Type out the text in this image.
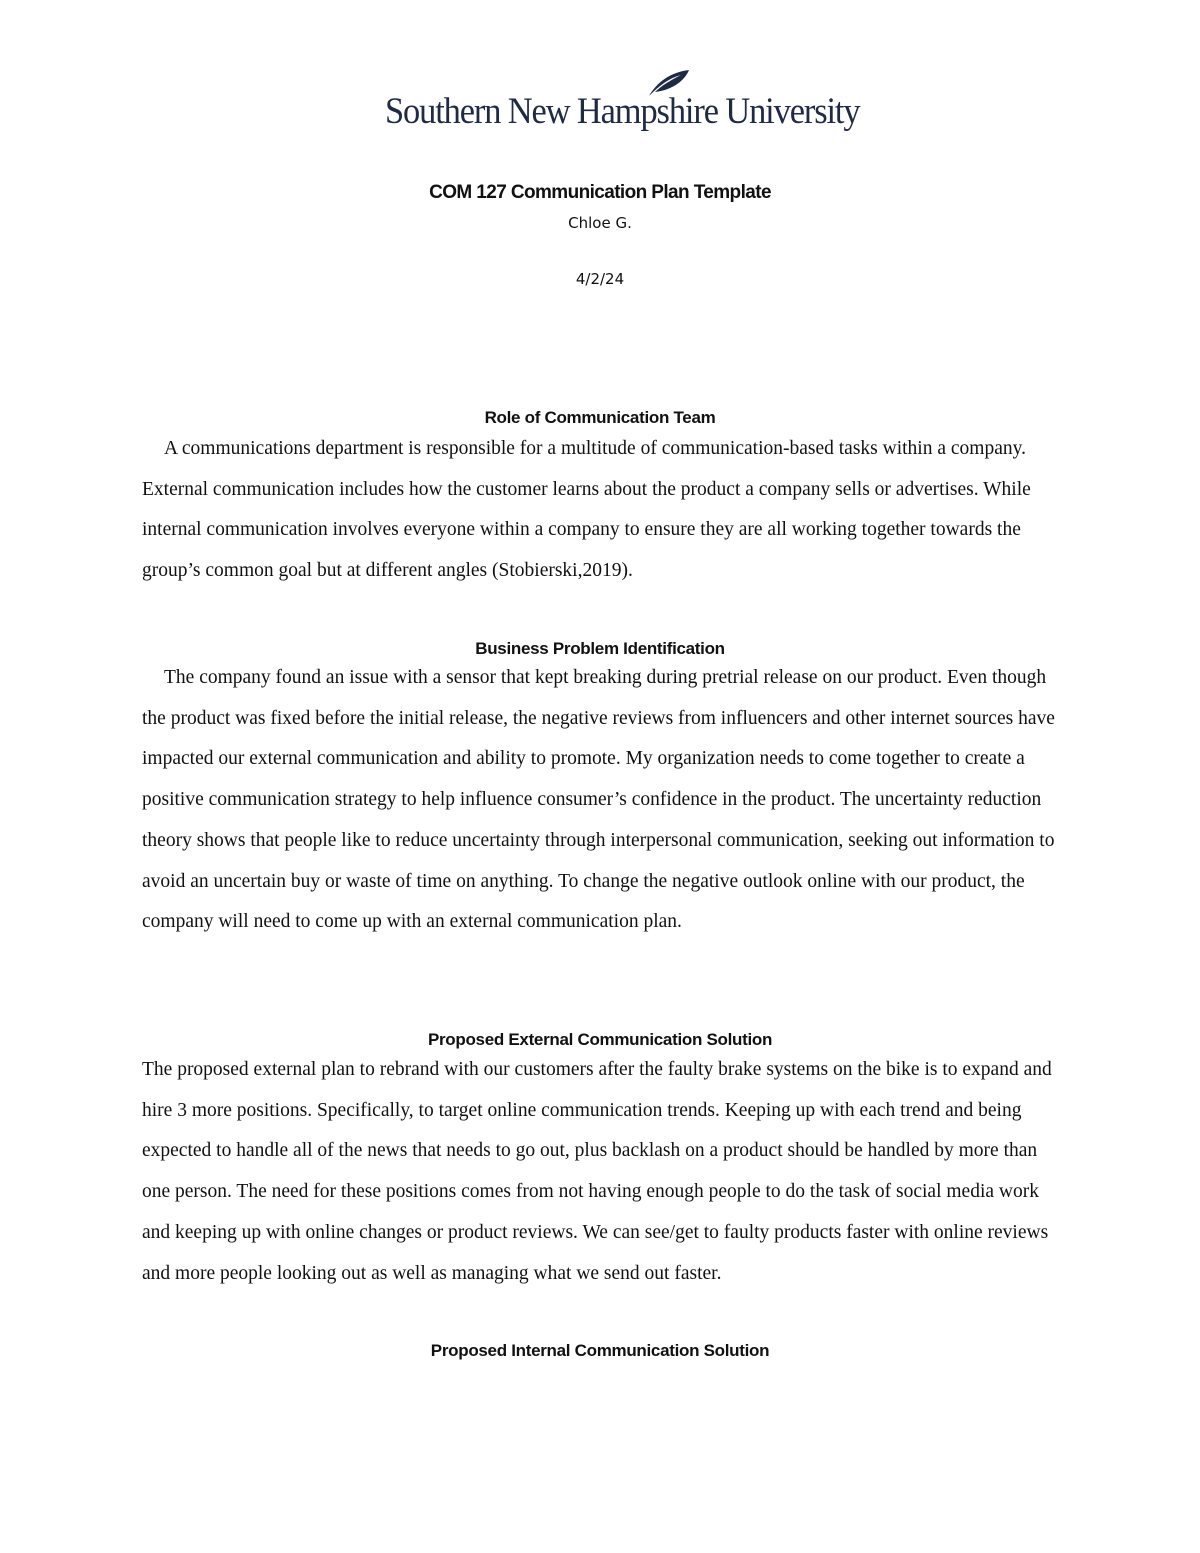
Southern New Hampshire University
COM 127 Communication Plan Template
Chloe G.
4/2/24
Role of Communication Team

A communications department is responsible for a multitude of communication-based tasks within a company. External communication includes how the customer learns about the product a company sells or advertises. While internal communication involves everyone within a company to ensure they are all working together towards the group’s common goal but at different angles (Stobierski,2019).

Business Problem Identification

The company found an issue with a sensor that kept breaking during pretrial release on our product. Even though the product was fixed before the initial release, the negative reviews from influencers and other internet sources have impacted our external communication and ability to promote. My organization needs to come together to create a positive communication strategy to help influence consumer’s confidence in the product. The uncertainty reduction theory shows that people like to reduce uncertainty through interpersonal communication, seeking out information to avoid an uncertain buy or waste of time on anything. To change the negative outlook online with our product, the company will need to come up with an external communication plan.

Proposed External Communication Solution

The proposed external plan to rebrand with our customers after the faulty brake systems on the bike is to expand and hire 3 more positions. Specifically, to target online communication trends. Keeping up with each trend and being expected to handle all of the news that needs to go out, plus backlash on a product should be handled by more than one person. The need for these positions comes from not having enough people to do the task of social media work and keeping up with online changes or product reviews. We can see/get to faulty products faster with online reviews and more people looking out as well as managing what we send out faster.

Proposed Internal Communication Solution
